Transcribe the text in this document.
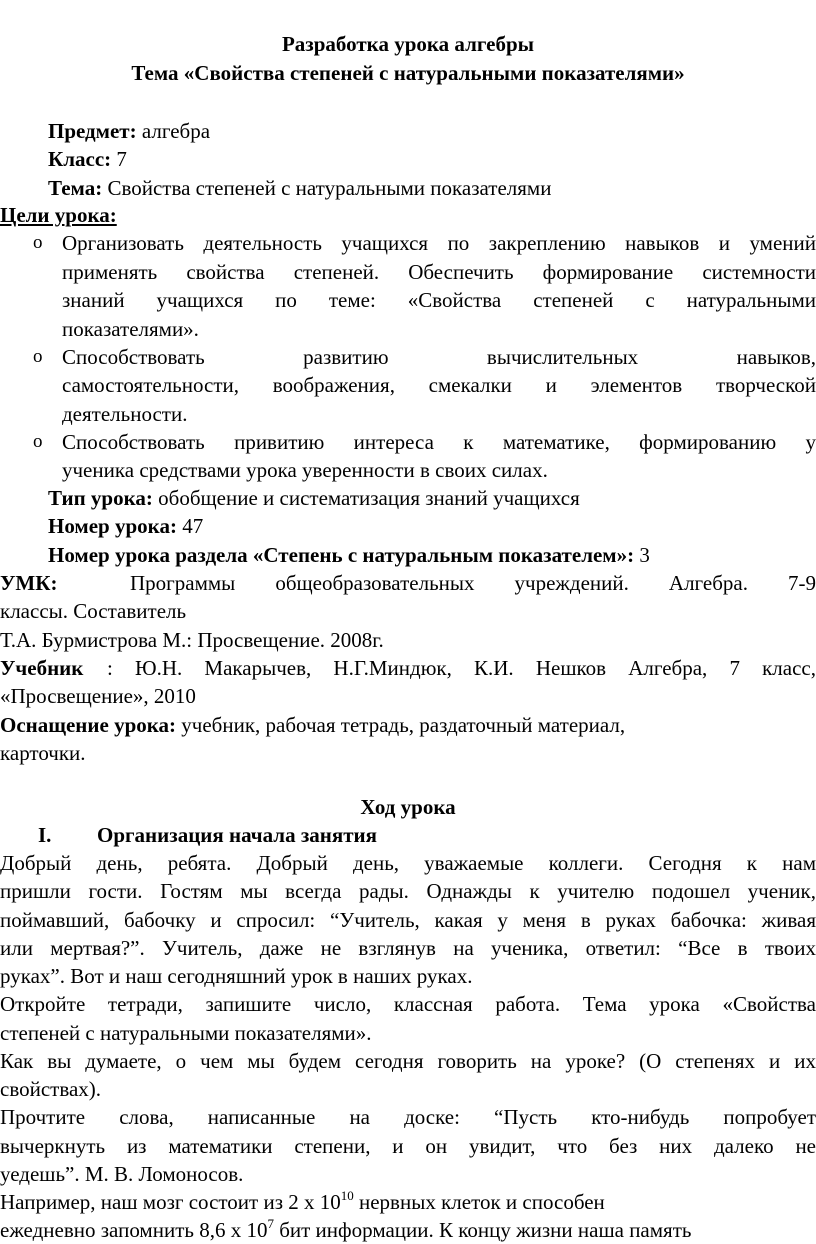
Разработка урока алгебры
Тема «Свойства степеней с натуральными показателями»
Предмет: алгебра
Класс: 7
Тема: Свойства степеней с натуральными показателями
Цели урока:
o Организовать деятельность учащихся по закреплению навыков и умений
применять свойства степеней. Обеспечить формирование системности
знаний учащихся по теме: «Свойства степеней с натуральными
показателями».
o Способствовать развитию вычислительных навыков,
самостоятельности, воображения, смекалки и элементов творческой
деятельности.
o Способствовать привитию интереса к математике, формированию у
ученика средствами урока уверенности в своих силах.
Тип урока: обобщение и систематизация знаний учащихся
Номер урока: 47
Номер урока раздела «Степень с натуральным показателем»: 3
УМК:	Программы общеобразовательных учреждений. Алгебра. 7-9
классы. Составитель
Т.А. Бурмистрова М.: Просвещение. 2008г.
Учебник : Ю.Н. Макарычев, Н.Г.Миндюк, К.И. Нешков Алгебра, 7 класс,
«Просвещение», 2010
Оснащение урока: учебник, рабочая тетрадь, раздаточный материал,
карточки.
Ход урока
I. Организация начала занятия
Добрый день, ребята. Добрый день, уважаемые коллеги. Сегодня к нам
пришли гости. Гостям мы всегда рады. Однажды к учителю подошел ученик,
поймавший, бабочку и спросил: “Учитель, какая у меня в руках бабочка: живая
или мертвая?”. Учитель, даже не взглянув на ученика, ответил: “Все в твоих
руках”. Вот и наш сегодняшний урок в наших руках.
Откройте тетради, запишите число, классная работа. Тема урока «Свойства
степеней с натуральными показателями».
Как вы думаете, о чем мы будем сегодня говорить на уроке? (О степенях и их
свойствах).
Прочтите слова, написанные на доске: “Пусть кто-нибудь попробует
вычеркнуть из математики степени, и он увидит, что без них далеко не
уедешь”. М. В. Ломоносов.
Например, наш мозг состоит из 2 х $10^{10}$ нервных клеток и способен
ежедневно запомнить 8,6 х $10^7$ бит информации. К концу жизни наша память
